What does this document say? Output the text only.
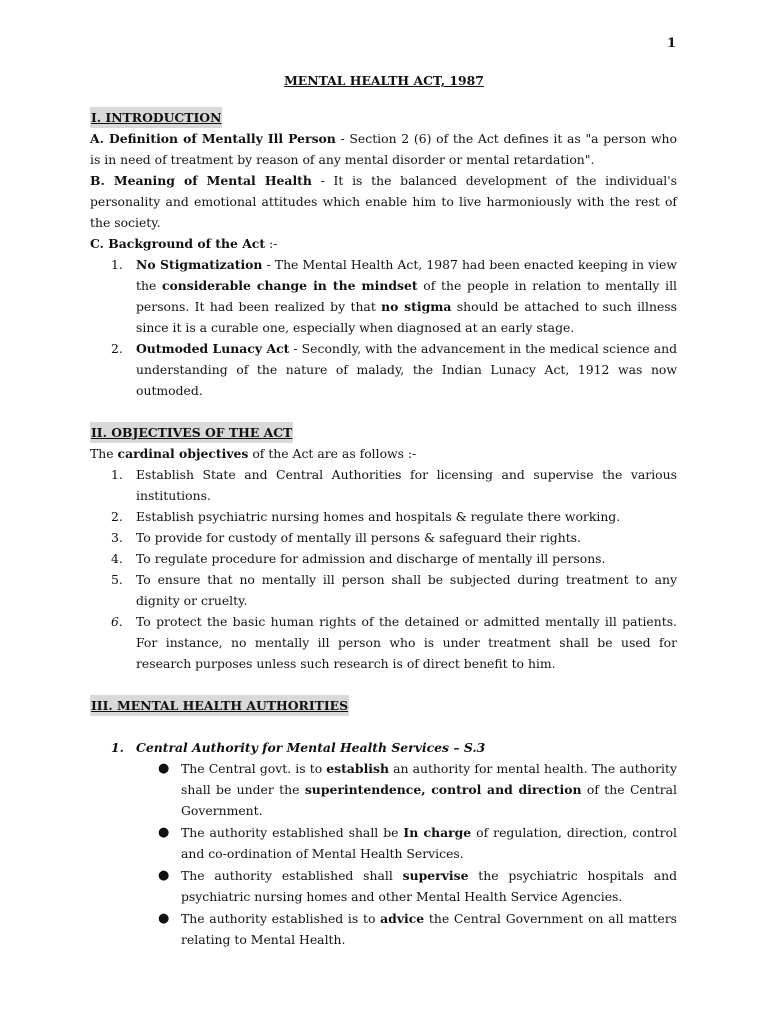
1
MENTAL HEALTH ACT, 1987

I. INTRODUCTION

A. Definition of Mentally Ill Person - Section 2 (6) of the Act defines it as "a person who is in need of treatment by reason of any mental disorder or mental retardation".

B. Meaning of Mental Health - It is the balanced development of the individual's personality and emotional attitudes which enable him to live harmoniously with the rest of the society.

C. Background of the Act :-

1. No Stigmatization - The Mental Health Act, 1987 had been enacted keeping in view the considerable change in the mindset of the people in relation to mentally ill persons. It had been realized by that no stigma should be attached to such illness since it is a curable one, especially when diagnosed at an early stage.
2. Outmoded Lunacy Act - Secondly, with the advancement in the medical science and understanding of the nature of malady, the Indian Lunacy Act, 1912 was now outmoded.

II. OBJECTIVES OF THE ACT

The cardinal objectives of the Act are as follows :-

1. Establish State and Central Authorities for licensing and supervise the various institutions.
2. Establish psychiatric nursing homes and hospitals & regulate there working.
3. To provide for custody of mentally ill persons & safeguard their rights.
4. To regulate procedure for admission and discharge of mentally ill persons.
5. To ensure that no mentally ill person shall be subjected during treatment to any dignity or cruelty.
6. To protect the basic human rights of the detained or admitted mentally ill patients. For instance, no mentally ill person who is under treatment shall be used for research purposes unless such research is of direct benefit to him.

III. MENTAL HEALTH AUTHORITIES

1. Central Authority for Mental Health Services – S.3
● The Central govt. is to establish an authority for mental health. The authority shall be under the superintendence, control and direction of the Central Government.
● The authority established shall be In charge of regulation, direction, control and co-ordination of Mental Health Services.
● The authority established shall supervise the psychiatric hospitals and psychiatric nursing homes and other Mental Health Service Agencies.
● The authority established is to advice the Central Government on all matters relating to Mental Health.
